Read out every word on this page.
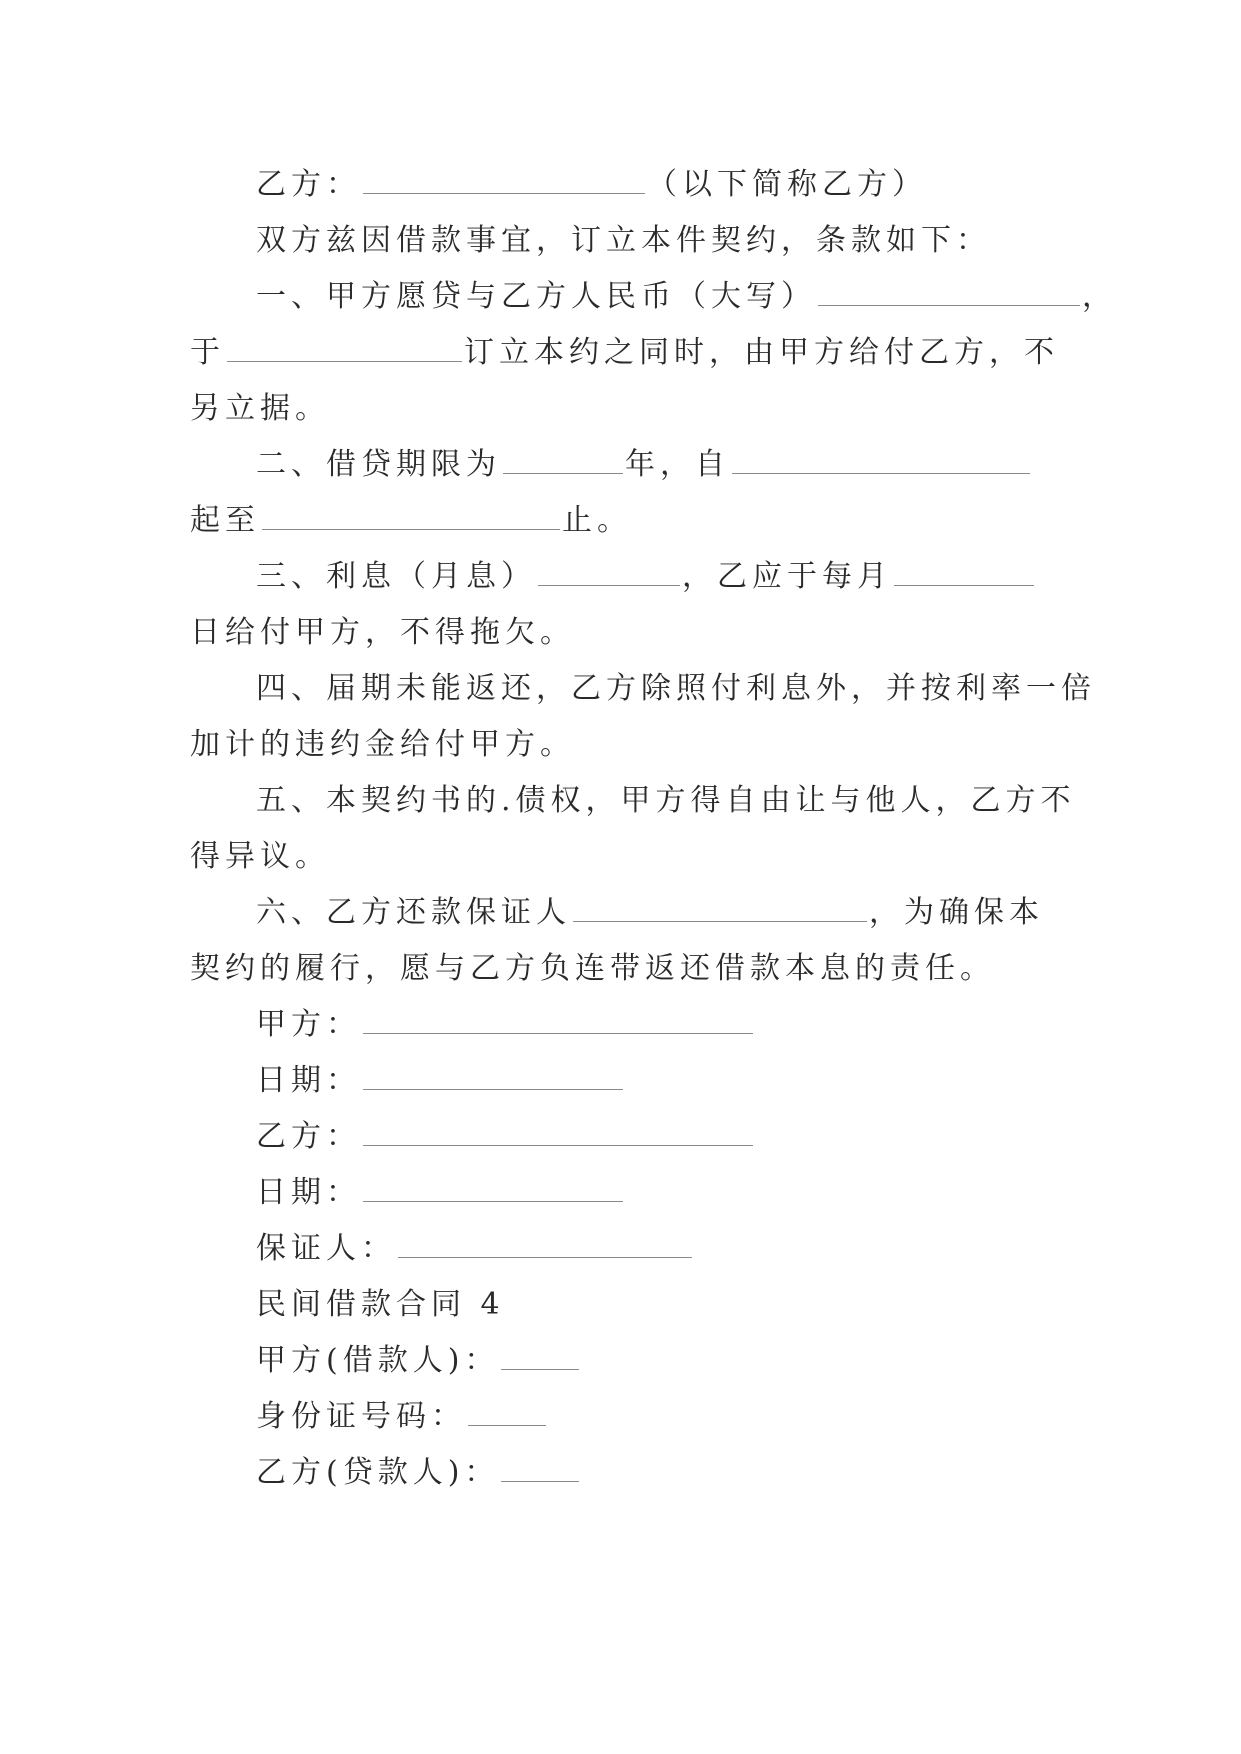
乙方：	（以下简称乙方）
双方兹因借款事宜，订立本件契约，条款如下：
一、甲方愿贷与乙方人民币（大写）	，
于	订立本约之同时，由甲方给付乙方，不
另立据。
二、借贷期限为	年，自
起至	止。
三、利息（月息）	，乙应于每月
日给付甲方，不得拖欠。
四、届期未能返还，乙方除照付利息外，并按利率一倍
加计的违约金给付甲方。
五、本契约书的.债权，甲方得自由让与他人，乙方不
得异议。
六、乙方还款保证人	，为确保本
契约的履行，愿与乙方负连带返还借款本息的责任。
甲方：
日期：
乙方：
日期：
保证人：
民间借款合同 4
甲方(借款人)：
身份证号码：
乙方(贷款人)：
